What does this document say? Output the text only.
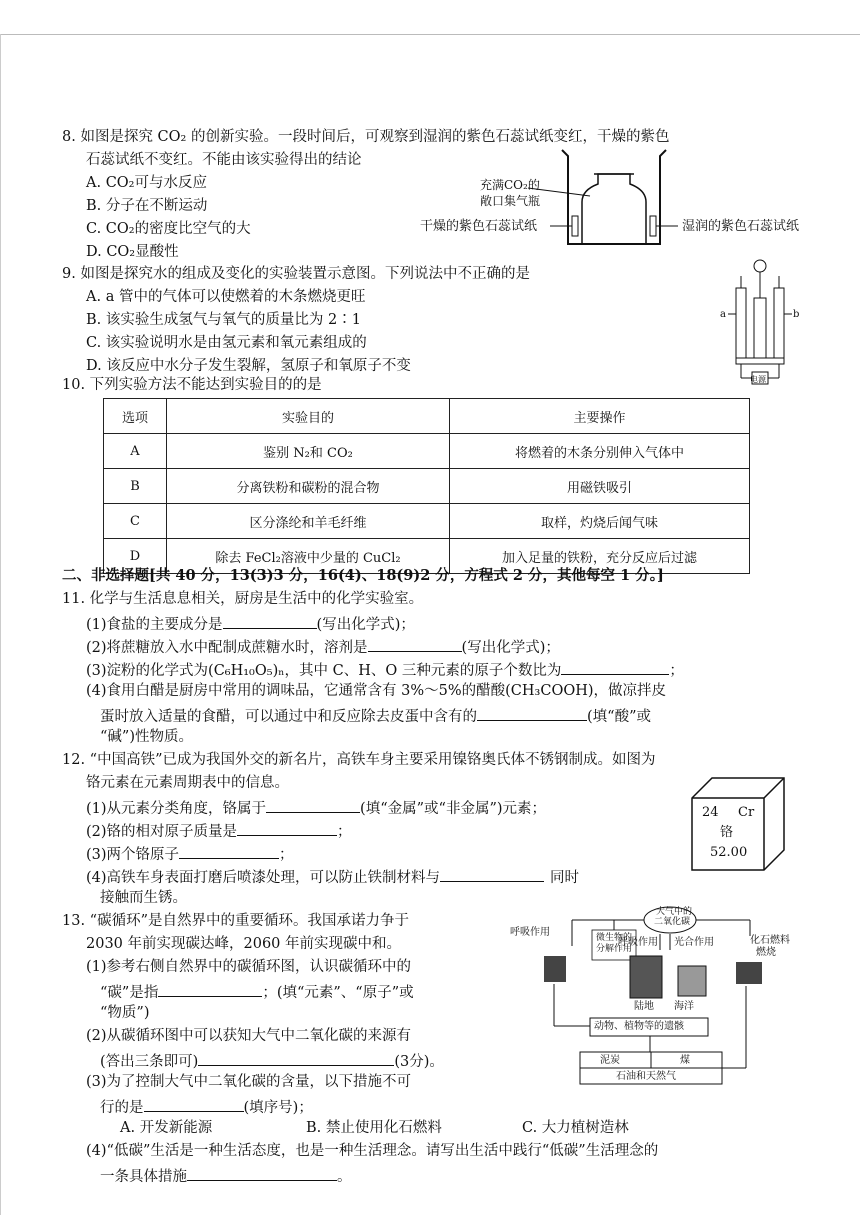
8. 如图是探究 CO₂ 的创新实验。一段时间后，可观察到湿润的紫色石蕊试纸变红，干燥的紫色
石蕊试纸不变红。不能由该实验得出的结论
A. CO₂可与水反应
B. 分子在不断运动
C. CO₂的密度比空气的大
D. CO₂显酸性
充满CO₂的
敞口集气瓶
干燥的紫色石蕊试纸	湿润的紫色石蕊试纸
9. 如图是探究水的组成及变化的实验装置示意图。下列说法中不正确的是
A. a 管中的气体可以使燃着的木条燃烧更旺
B. 该实验生成氢气与氧气的质量比为 2∶1
C. 该实验说明水是由氢元素和氧元素组成的
D. 该反应中水分子发生裂解，氢原子和氧原子不变
a	b
电源
10. 下列实验方法不能达到实验目的的是
选项	实验目的	主要操作
A	鉴别 N₂和 CO₂	将燃着的木条分别伸入气体中
B	分离铁粉和碳粉的混合物	用磁铁吸引
C	区分涤纶和羊毛纤维	取样，灼烧后闻气味
D	除去 FeCl₂溶液中少量的 CuCl₂	加入足量的铁粉，充分反应后过滤
二、非选择题[共 40 分，13(3)3 分，16(4)、18(9)2 分，方程式 2 分，其他每空 1 分。]
11. 化学与生活息息相关，厨房是生活中的化学实验室。
(1)食盐的主要成分是	(写出化学式)；
(2)将蔗糖放入水中配制成蔗糖水时，溶剂是	(写出化学式)；
(3)淀粉的化学式为(C₆H₁₀O₅)ₙ，其中 C、H、O 三种元素的原子个数比为	；
(4)食用白醋是厨房中常用的调味品，它通常含有 3%～5%的醋酸(CH₃COOH)，做凉拌皮
蛋时放入适量的食醋，可以通过中和反应除去皮蛋中含有的	(填“酸”或
“碱”)性物质。
12. “中国高铁”已成为我国外交的新名片，高铁车身主要采用镍铬奥氏体不锈钢制成。如图为
铬元素在元素周期表中的信息。
(1)从元素分类角度，铬属于	(填“金属”或“非金属”)元素；
(2)铬的相对原子质量是	；
(3)两个铬原子	；
(4)高铁车身表面打磨后喷漆处理，可以防止铁制材料与	同时
接触而生锈。
24 Cr
铬
52.00
13. “碳循环”是自然界中的重要循环。我国承诺力争于
2030 年前实现碳达峰，2060 年前实现碳中和。
(1)参考右侧自然界中的碳循环图，认识碳循环中的
“碳”是指	；(填“元素”、“原子”或
“物质”)
(2)从碳循环图中可以获知大气中二氧化碳的来源有
(答出三条即可)	(3分)。
(3)为了控制大气中二氧化碳的含量，以下措施不可
行的是	(填序号)；
A. 开发新能源	B. 禁止使用化石燃料	C. 大力植树造林
(4)“低碳”生活是一种生活态度，也是一种生活理念。请写出生活中践行“低碳”生活理念的
一条具体措施	。
大气中的
二氧化碳
呼吸作用	微生物的
分解作用
呼吸作用 光合作用	化石燃料
燃烧
陆地 海洋
动物、植物等的遗骸
泥炭	煤
石油和天然气
